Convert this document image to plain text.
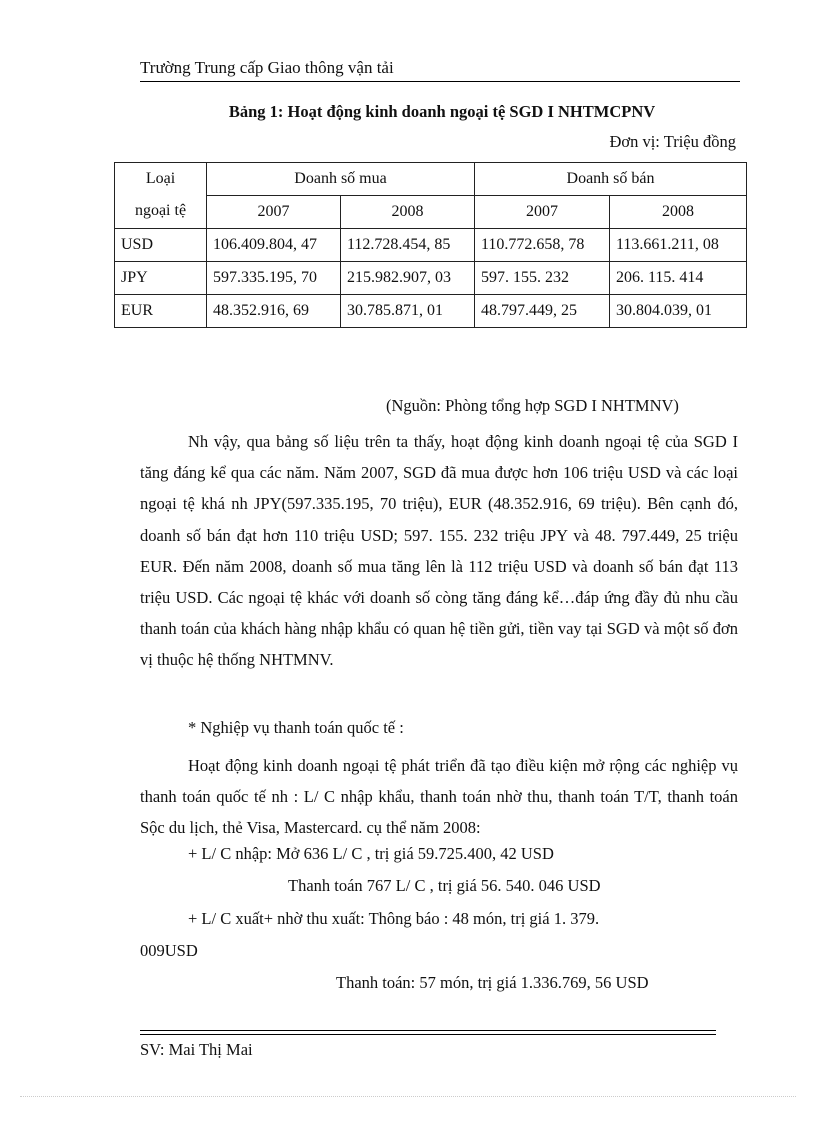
Trường Trung cấp Giao thông vận tải
Bảng 1: Hoạt động kinh doanh ngoại tệ SGD I NHTMCPNV
Đơn vị: Triệu đồng
Loại
ngoại tệ	Doanh số mua		Doanh số bán	
	2007	2008	2007	2008
USD	106.409.804, 47	112.728.454, 85	110.772.658, 78	113.661.211, 08
JPY	597.335.195, 70	215.982.907, 03	597. 155. 232	206. 115. 414
EUR	48.352.916, 69	30.785.871, 01	48.797.449, 25	30.804.039, 01
(Nguồn: Phòng tổng hợp SGD I NHTMNV)

Nh vậy, qua bảng số liệu trên ta thấy, hoạt động kinh doanh ngoại tệ của SGD I tăng đáng kể qua các năm. Năm 2007, SGD đã mua được hơn 106 triệu USD và các loại ngoại tệ khá nh JPY(597.335.195, 70 triệu), EUR (48.352.916, 69 triệu). Bên cạnh đó, doanh số bán đạt hơn 110 triệu USD; 597. 155. 232 triệu JPY và 48. 797.449, 25 triệu EUR. Đến năm 2008, doanh số mua tăng lên là 112 triệu USD và doanh số bán đạt 113 triệu USD. Các ngoại tệ khác với doanh số còng tăng đáng kể…đáp ứng đầy đủ nhu cầu thanh toán của khách hàng nhập khẩu có quan hệ tiền gửi, tiền vay tại SGD và một số đơn vị thuộc hệ thống NHTMNV.

* Nghiệp vụ thanh toán quốc tế :

Hoạt động kinh doanh ngoại tệ phát triển đã tạo điều kiện mở rộng các nghiệp vụ thanh toán quốc tế nh : L/ C nhập khẩu, thanh toán nhờ thu, thanh toán T/T, thanh toán Sộc du lịch, thẻ Visa, Mastercard. cụ thể năm 2008:

+ L/ C nhập: Mở 636 L/ C , trị giá 59.725.400, 42 USD
Thanh toán 767 L/ C , trị giá 56. 540. 046 USD
+ L/ C xuất+ nhờ thu xuất: Thông báo : 48 món, trị giá 1. 379.
009USD
Thanh toán: 57 món, trị giá 1.336.769, 56 USD
SV: Mai Thị Mai
